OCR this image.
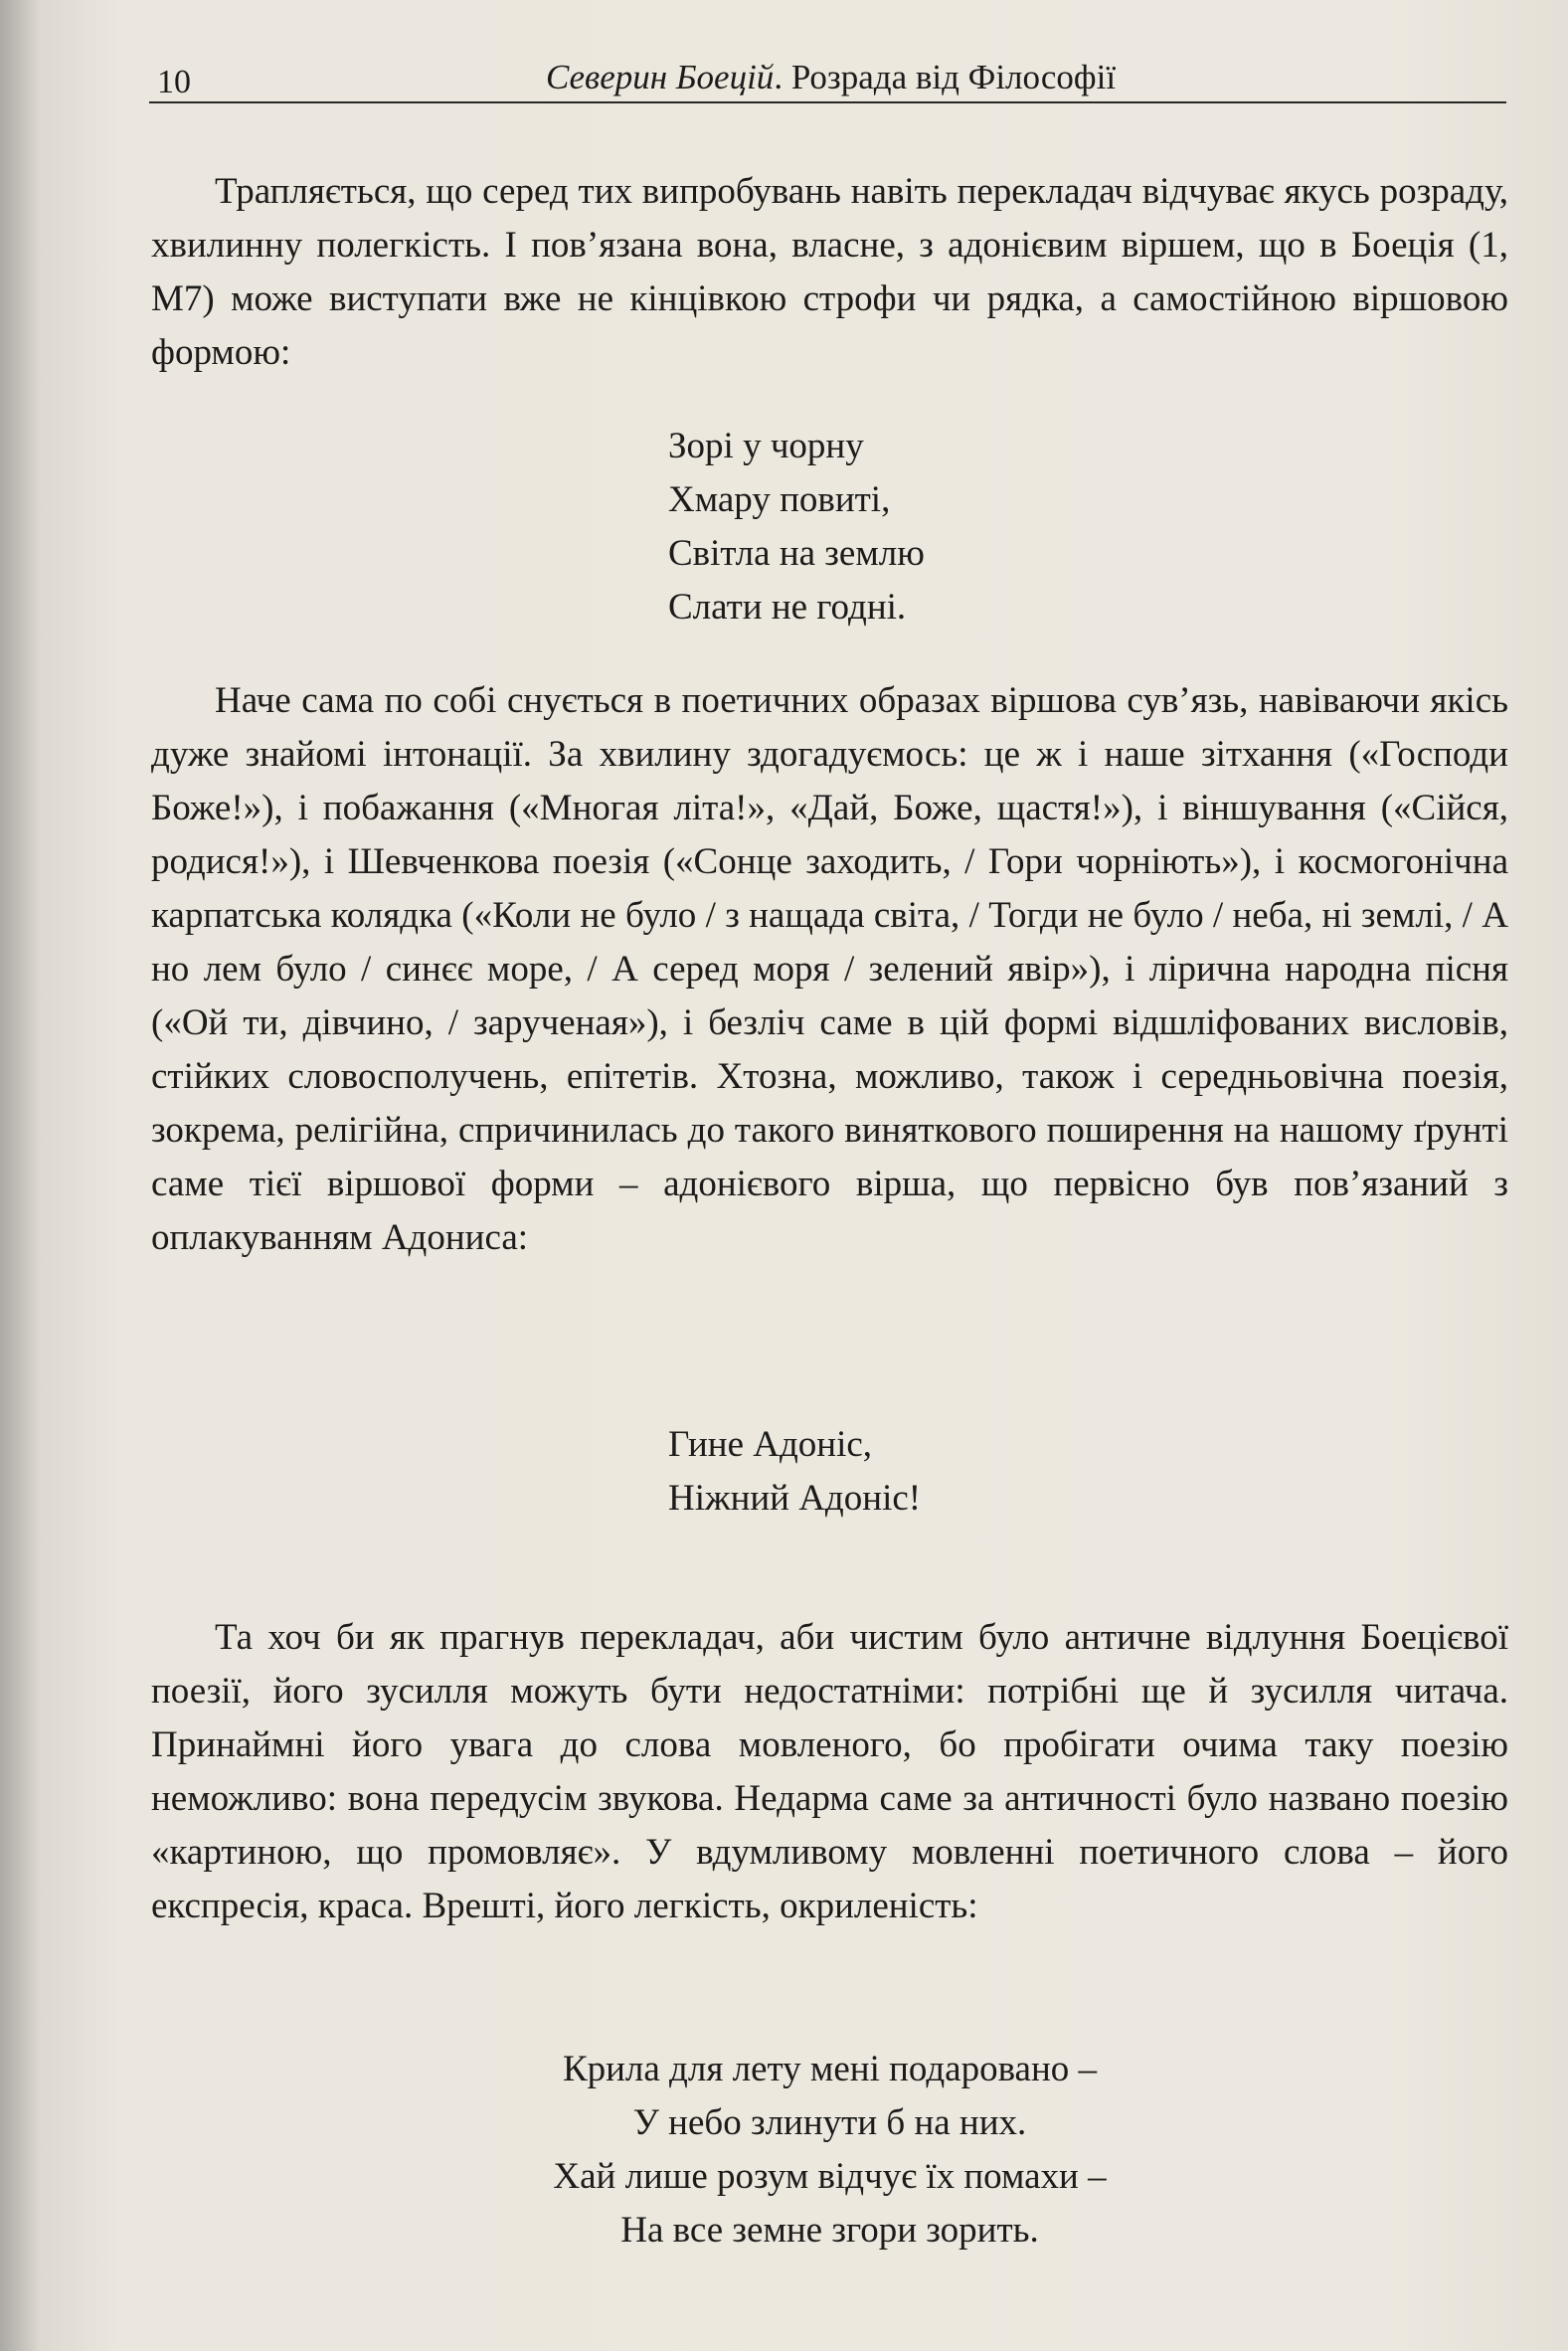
10	Северин Боецій. Розрада від Філософії

Трапляється, що серед тих випробувань навіть перекладач відчуває якусь розраду, хвилинну полегкість. І пов’язана вона, власне, з адонієвим віршем, що в Боеція (1, M7) може виступати вже не кінцівкою строфи чи рядка, а самостійною віршовою формою:

Зорі у чорну
Хмару повиті,
Світла на землю
Слати не годні.

Наче сама по собі снується в поетичних образах віршова сув’язь, навіваючи якісь дуже знайомі інтонації. За хвилину здогадуємось: це ж і наше зітхання («Господи Боже!»), і побажання («Многая літа!», «Дай, Боже, щастя!»), і віншування («Сійся, родися!»), і Шевченкова поезія («Сонце заходить, / Гори чорніють»), і космогонічна карпатська колядка («Коли не було / з нащада світа, / Тогди не було / неба, ні землі, / А но лем було / синєє море, / А серед моря / зелений явір»), і лірична народна пісня («Ой ти, дівчино, / зарученая»), і безліч саме в цій формі відшліфованих висловів, стійких словосполучень, епітетів. Хтозна, можливо, також і середньовічна поезія, зокрема, релігійна, спричинилась до такого виняткового поширення на нашому ґрунті саме тієї віршової форми – адонієвого вірша, що первісно був пов’язаний з оплакуванням Адониса:

Гине Адоніс,
Ніжний Адоніс!

Та хоч би як прагнув перекладач, аби чистим було античне відлуння Боецієвої поезії, його зусилля можуть бути недостатніми: потрібні ще й зусилля читача. Принаймні його увага до слова мовленого, бо пробігати очима таку поезію неможливо: вона передусім звукова. Недарма саме за античності було названо поезію «картиною, що промовляє». У вдумливому мовленні поетичного слова – його експресія, краса. Врешті, його легкість, окриленість:

Крила для лету мені подаровано –
У небо злинути б на них.
Хай лише розум відчує їх помахи –
На все земне згори зорить.
